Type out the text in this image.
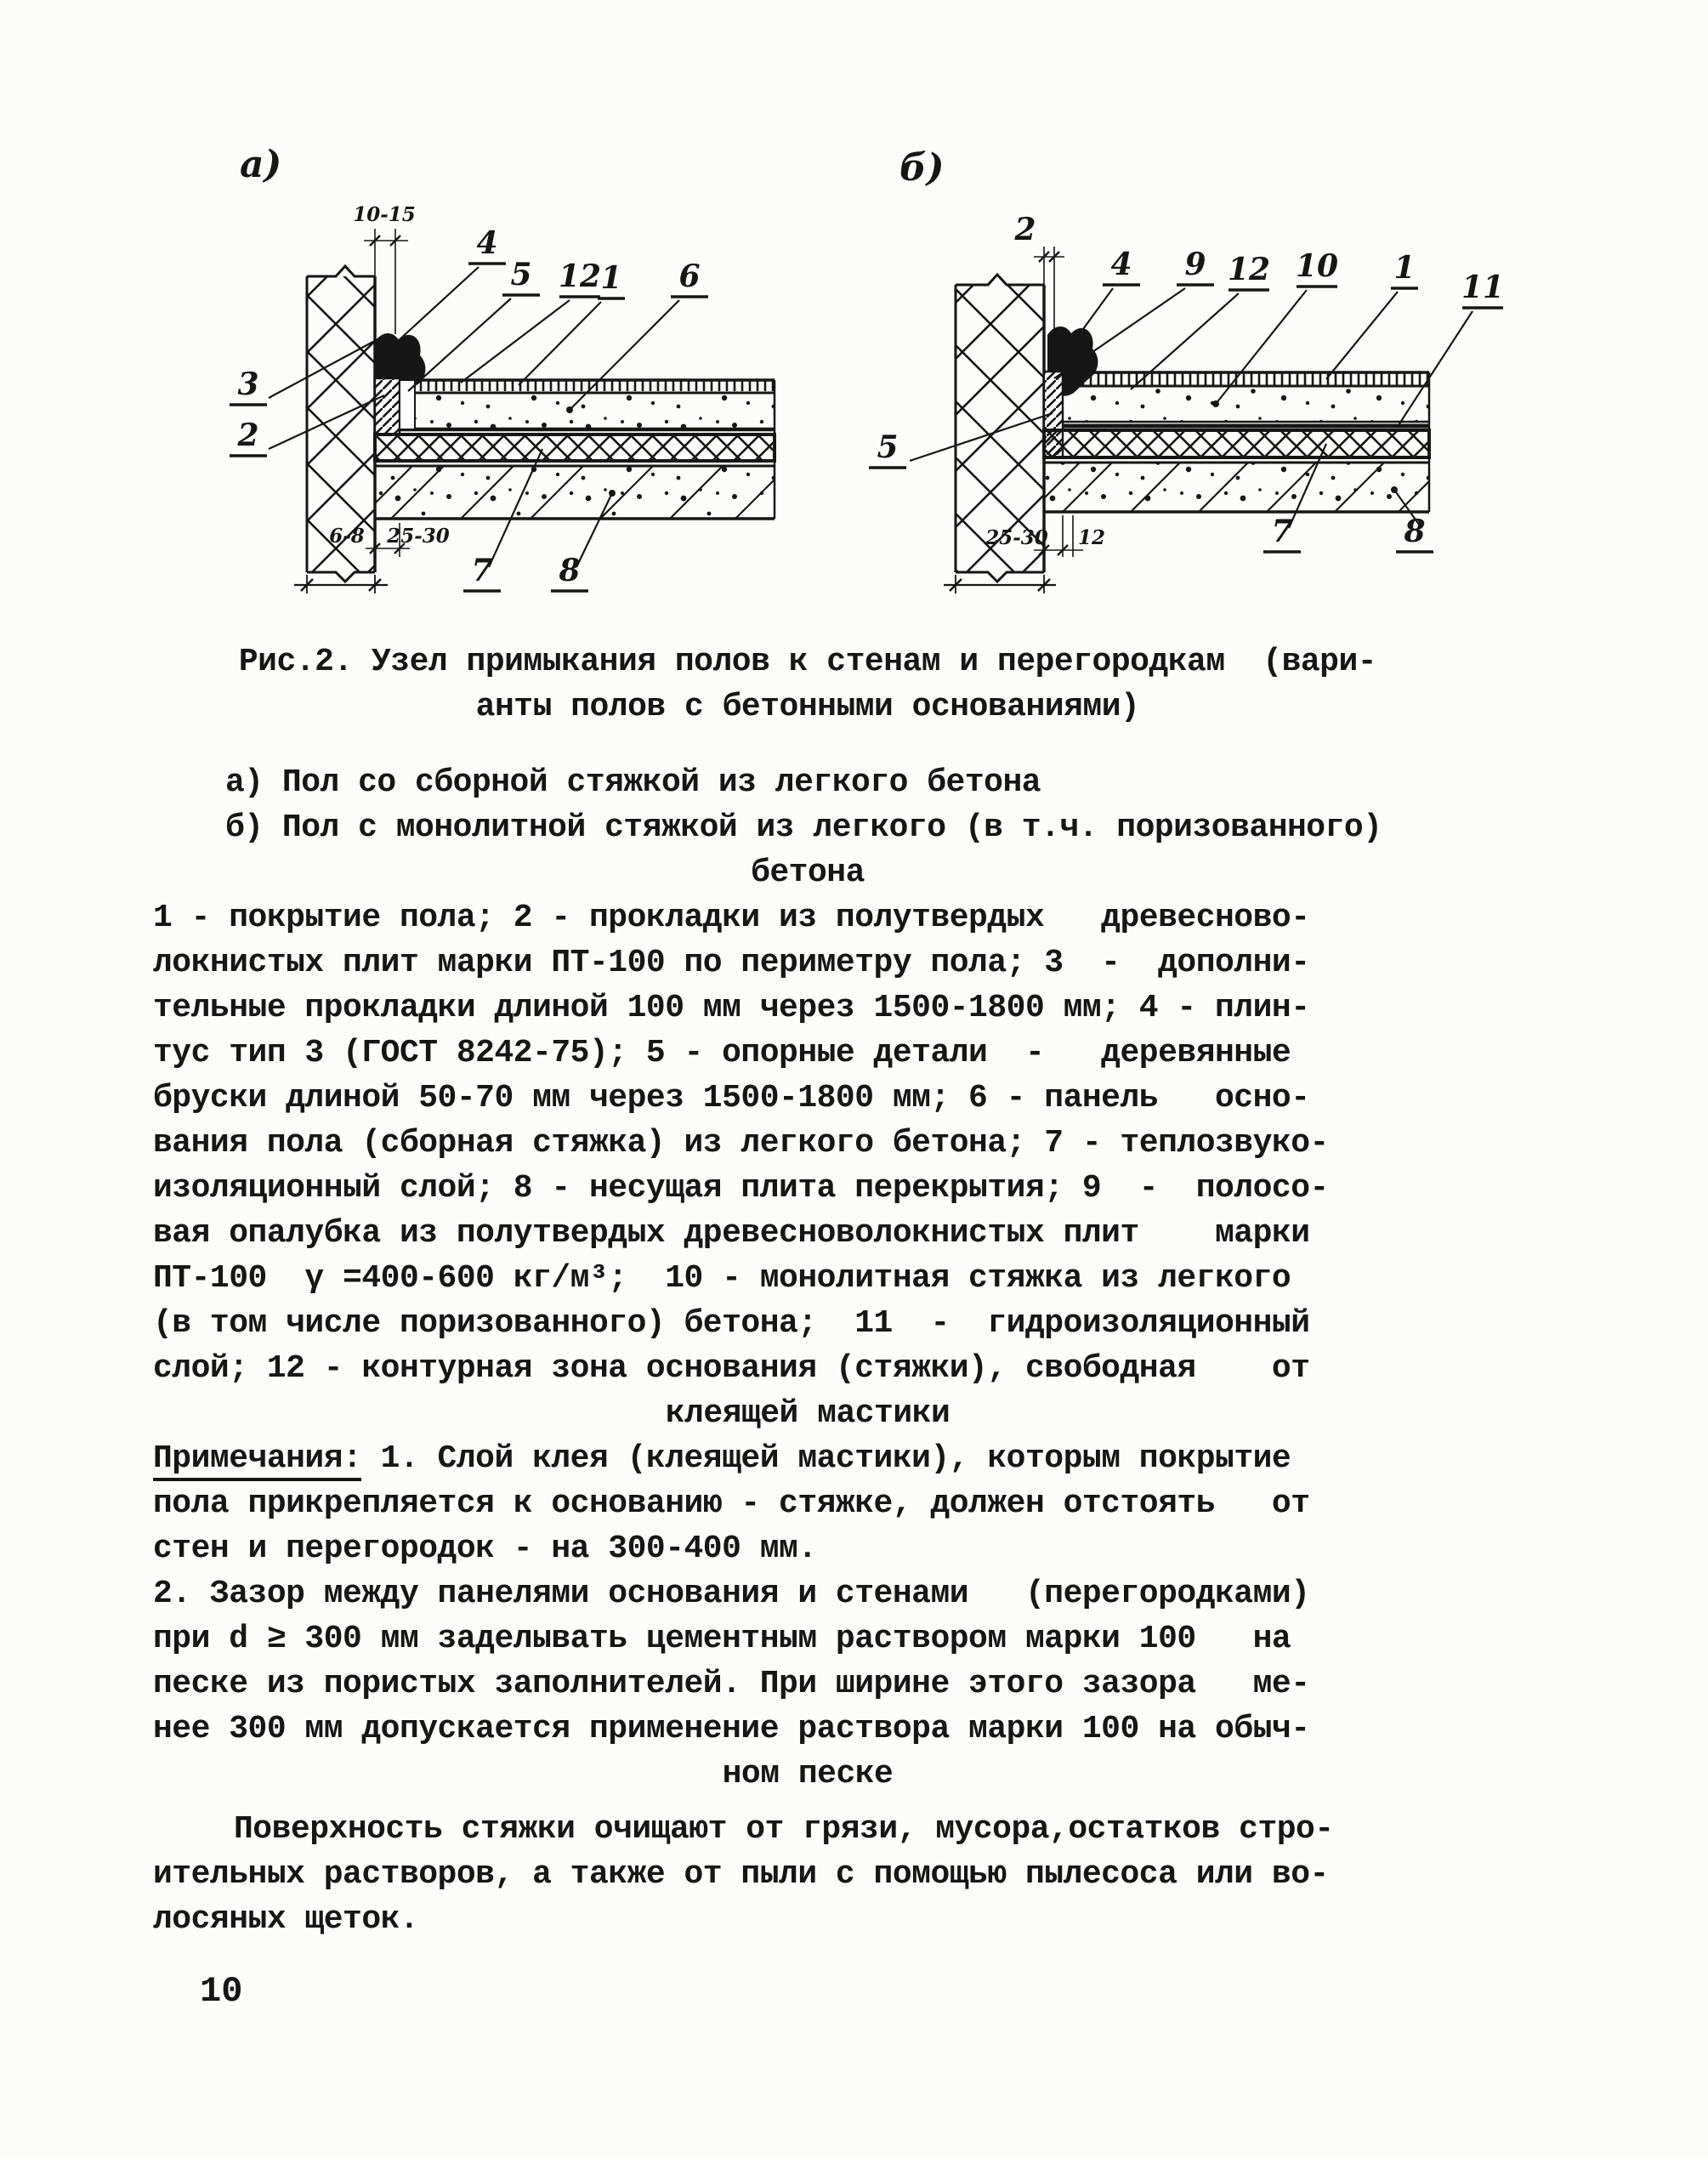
а)
10-15
6-8 25-30
4
5 12 1 6
3
2
7 8
б)
2
25-30 12
4 9 12 10 1
11
5
7	8
Рис.2. Узел примыкания полов к стенам и перегородкам  (вари-
анты полов с бетонными основаниями)
а) Пол со сборной стяжкой из легкого бетона
б) Пол с монолитной стяжкой из легкого (в т.ч. поризованного)
бетона
1 - покрытие пола; 2 - прокладки из полутвердых   древесново-
локнистых плит марки ПТ-100 по периметру пола; 3  -  дополни-
тельные прокладки длиной 100 мм через 1500-1800 мм; 4 - плин-
тус тип 3 (ГОСТ 8242-75); 5 - опорные детали  -   деревянные
бруски длиной 50-70 мм через 1500-1800 мм; 6 - панель   осно-
вания пола (сборная стяжка) из легкого бетона; 7 - теплозвуко-
изоляционный слой; 8 - несущая плита перекрытия; 9  -  полосо-
вая опалубка из полутвердых древесноволокнистых плит    марки
ПТ-100  γ =400-600 кг/м³;  10 - монолитная стяжка из легкого
(в том числе поризованного) бетона;  11  -  гидроизоляционный
слой; 12 - контурная зона основания (стяжки), свободная    от
клеящей мастики
Примечания: 1. Слой клея (клеящей мастики), которым покрытие
пола прикрепляется к основанию - стяжке, должен отстоять   от
стен и перегородок - на 300-400 мм.
2. Зазор между панелями основания и стенами   (перегородками)
при d ≥ 300 мм заделывать цементным раствором марки 100   на
песке из пористых заполнителей. При ширине этого зазора   ме-
нее 300 мм допускается применение раствора марки 100 на обыч-
ном песке
Поверхность стяжки очищают от грязи, мусора,остатков стро-
ительных растворов, а также от пыли с помощью пылесоса или во-
лосяных щеток.
10
